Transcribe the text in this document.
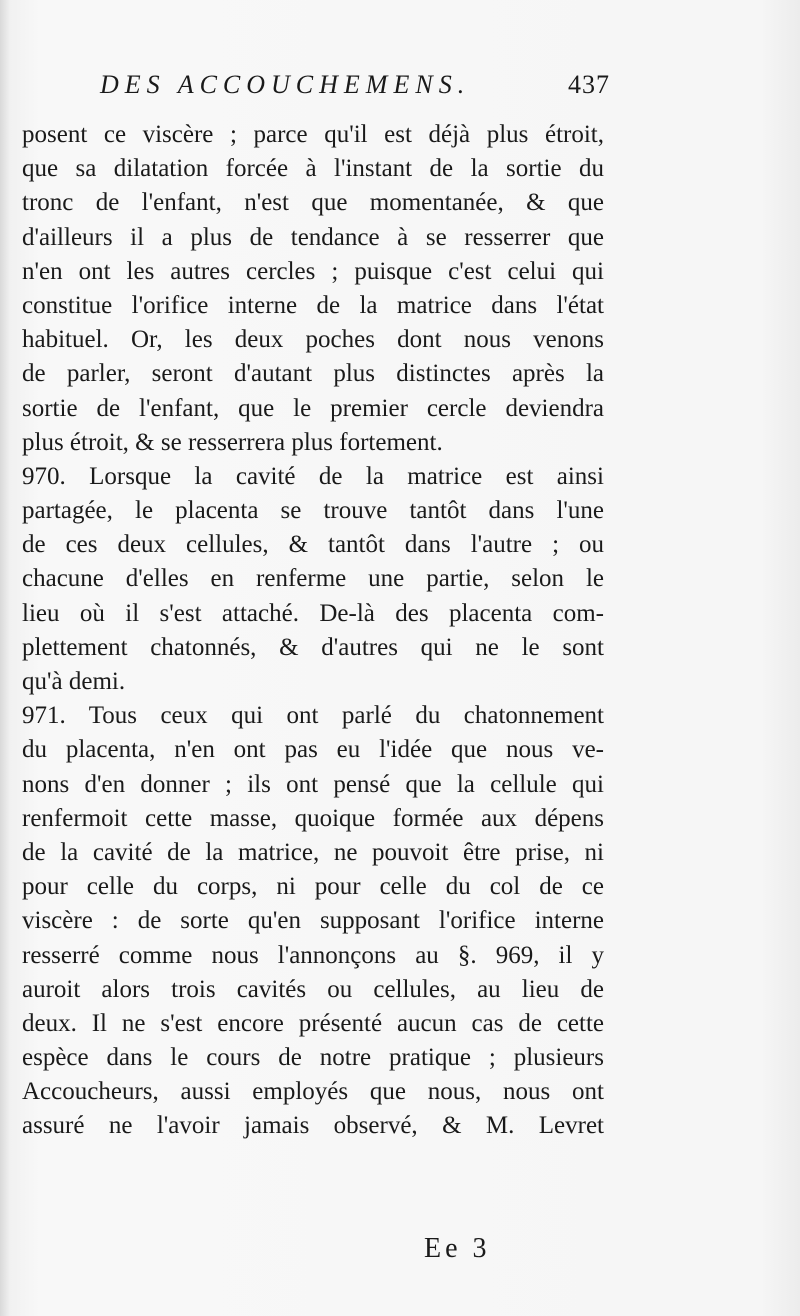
DES ACCOUCHEMENS.	437
posent ce viscère ; parce qu'il est déjà plus étroit,
que sa dilatation forcée à l'instant de la sortie du
tronc de l'enfant, n'est que momentanée, & que
d'ailleurs il a plus de tendance à se resserrer que
n'en ont les autres cercles ; puisque c'est celui qui
constitue l'orifice interne de la matrice dans l'état
habituel. Or, les deux poches dont nous venons
de parler, seront d'autant plus distinctes après la
sortie de l'enfant, que le premier cercle deviendra
plus étroit, & se resserrera plus fortement.
970. Lorsque la cavité de la matrice est ainsi
partagée, le placenta se trouve tantôt dans l'une
de ces deux cellules, & tantôt dans l'autre ; ou
chacune d'elles en renferme une partie, selon le
lieu où il s'est attaché. De-là des placenta com-
plettement chatonnés, & d'autres qui ne le sont
qu'à demi.
971. Tous ceux qui ont parlé du chatonnement
du placenta, n'en ont pas eu l'idée que nous ve-
nons d'en donner ; ils ont pensé que la cellule qui
renfermoit cette masse, quoique formée aux dépens
de la cavité de la matrice, ne pouvoit être prise, ni
pour celle du corps, ni pour celle du col de ce
viscère : de sorte qu'en supposant l'orifice interne
resserré comme nous l'annonçons au §. 969, il y
auroit alors trois cavités ou cellules, au lieu de
deux. Il ne s'est encore présenté aucun cas de cette
espèce dans le cours de notre pratique ; plusieurs
Accoucheurs, aussi employés que nous, nous ont
assuré ne l'avoir jamais observé, & M. Levret
Ee 3
